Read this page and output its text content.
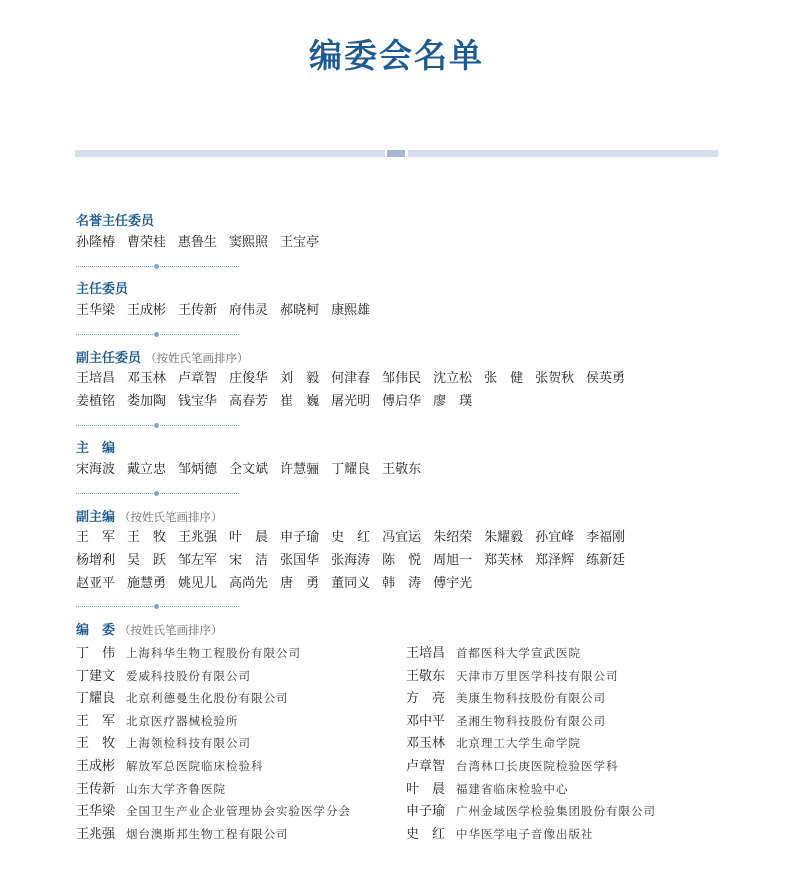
编委会名单
名誉主任委员
孙隆椿 曹荣桂 惠鲁生 窦熙照 王宝亭
主任委员
王华梁 王成彬 王传新 府伟灵 郝晓柯 康熙雄
副主任委员 （按姓氏笔画排序）
王培昌 邓玉林 卢章智 庄俊华 刘　毅 何津春 邹伟民 沈立松 张　健 张贺秋 侯英勇
姜植铭 娄加陶 钱宝华 高春芳 崔　巍 屠光明 傅启华 廖　璞
主　编
宋海波 戴立忠 邹炳德 仝文斌 许慧骊 丁耀良 王敬东
副主编 （按姓氏笔画排序）
王　军 王　牧 王兆强 叶　晨 申子瑜 史　红 冯宜运 朱绍荣 朱耀毅 孙宜峰 李福刚
杨增利 吴　跃 邹左军 宋　洁 张国华 张海涛 陈　悦 周旭一 郑芙林 郑泽辉 练新廷
赵亚平 施慧勇 姚见儿 高尚先 唐　勇 董同义 韩　涛 傅宇光
编　委 （按姓氏笔画排序）
丁　伟 上海科华生物工程股份有限公司
丁建文 爱威科技股份有限公司
丁耀良 北京利德曼生化股份有限公司
王　军 北京医疗器械检验所
王　牧 上海领检科技有限公司
王成彬 解放军总医院临床检验科
王传新 山东大学齐鲁医院
王华梁 全国卫生产业企业管理协会实验医学分会
王兆强 烟台澳斯邦生物工程有限公司
王培昌 首都医科大学宣武医院
王敬东 天津市万里医学科技有限公司
方　亮 美康生物科技股份有限公司
邓中平 圣湘生物科技股份有限公司
邓玉林 北京理工大学生命学院
卢章智 台湾林口长庚医院检验医学科
叶　晨 福建省临床检验中心
申子瑜 广州金域医学检验集团股份有限公司
史　红 中华医学电子音像出版社
